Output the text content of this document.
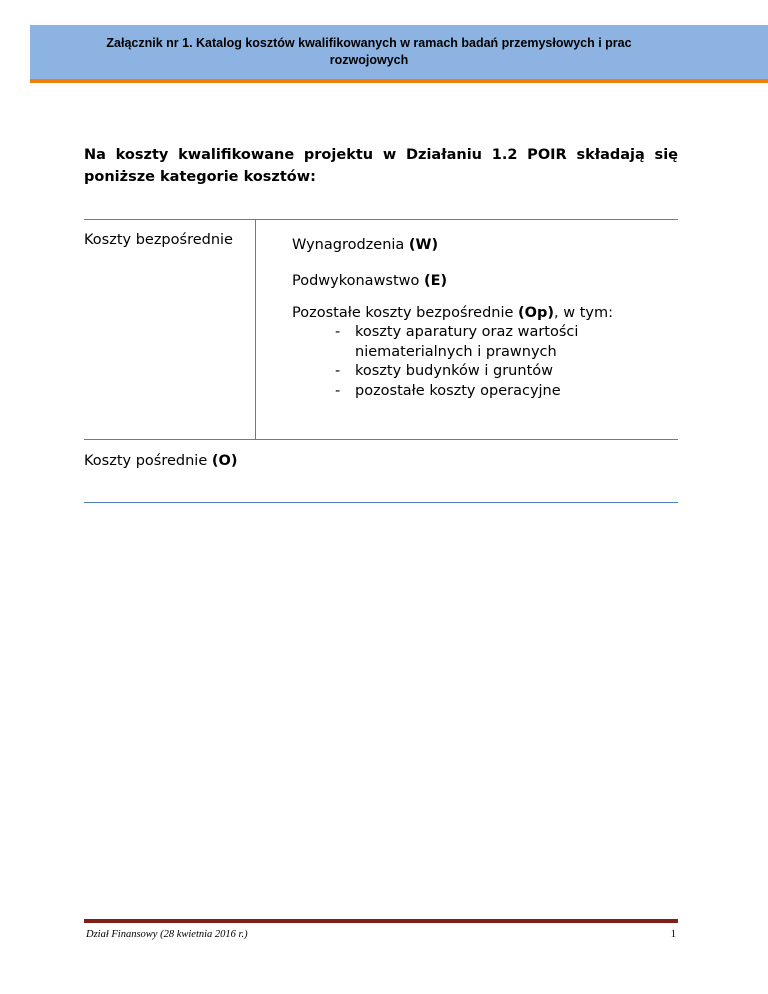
Załącznik nr 1. Katalog kosztów kwalifikowanych w ramach badań przemysłowych i prac
rozwojowych

Na koszty kwalifikowane projektu w Działaniu 1.2 POIR składają się poniższe kategorie kosztów:

Koszty bezpośrednie	Wynagrodzenia (W)
Podwykonawstwo (E)
Pozostałe koszty bezpośrednie (Op), w tym:
- koszty aparatury oraz wartości niematerialnych i prawnych
- koszty budynków i gruntów
- pozostałe koszty operacyjne
Koszty pośrednie (O)
Dział Finansowy (28 kwietnia 2016 r.)	1
